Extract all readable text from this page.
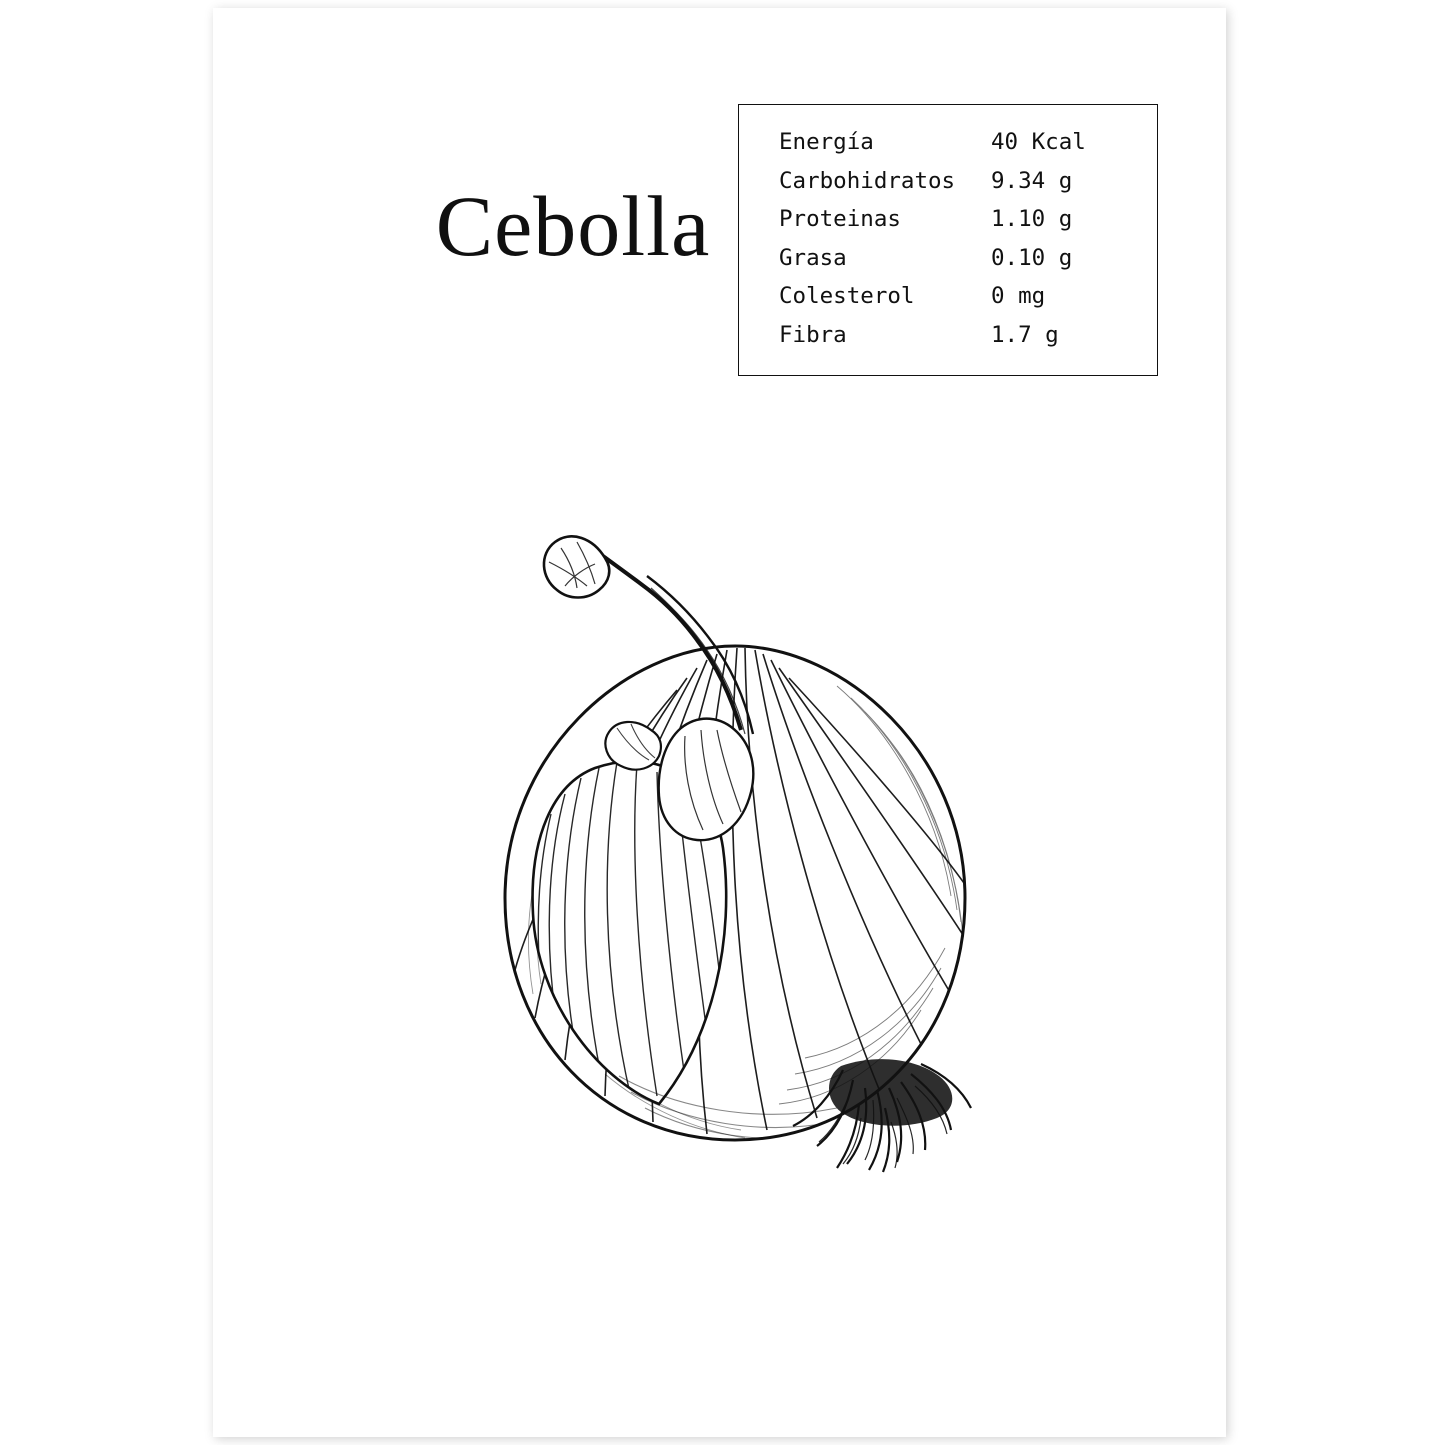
Cebolla
Energía	40 Kcal
Carbohidratos	9.34 g
Proteinas	1.10 g
Grasa	0.10 g
Colesterol	0 mg
Fibra	1.7 g
